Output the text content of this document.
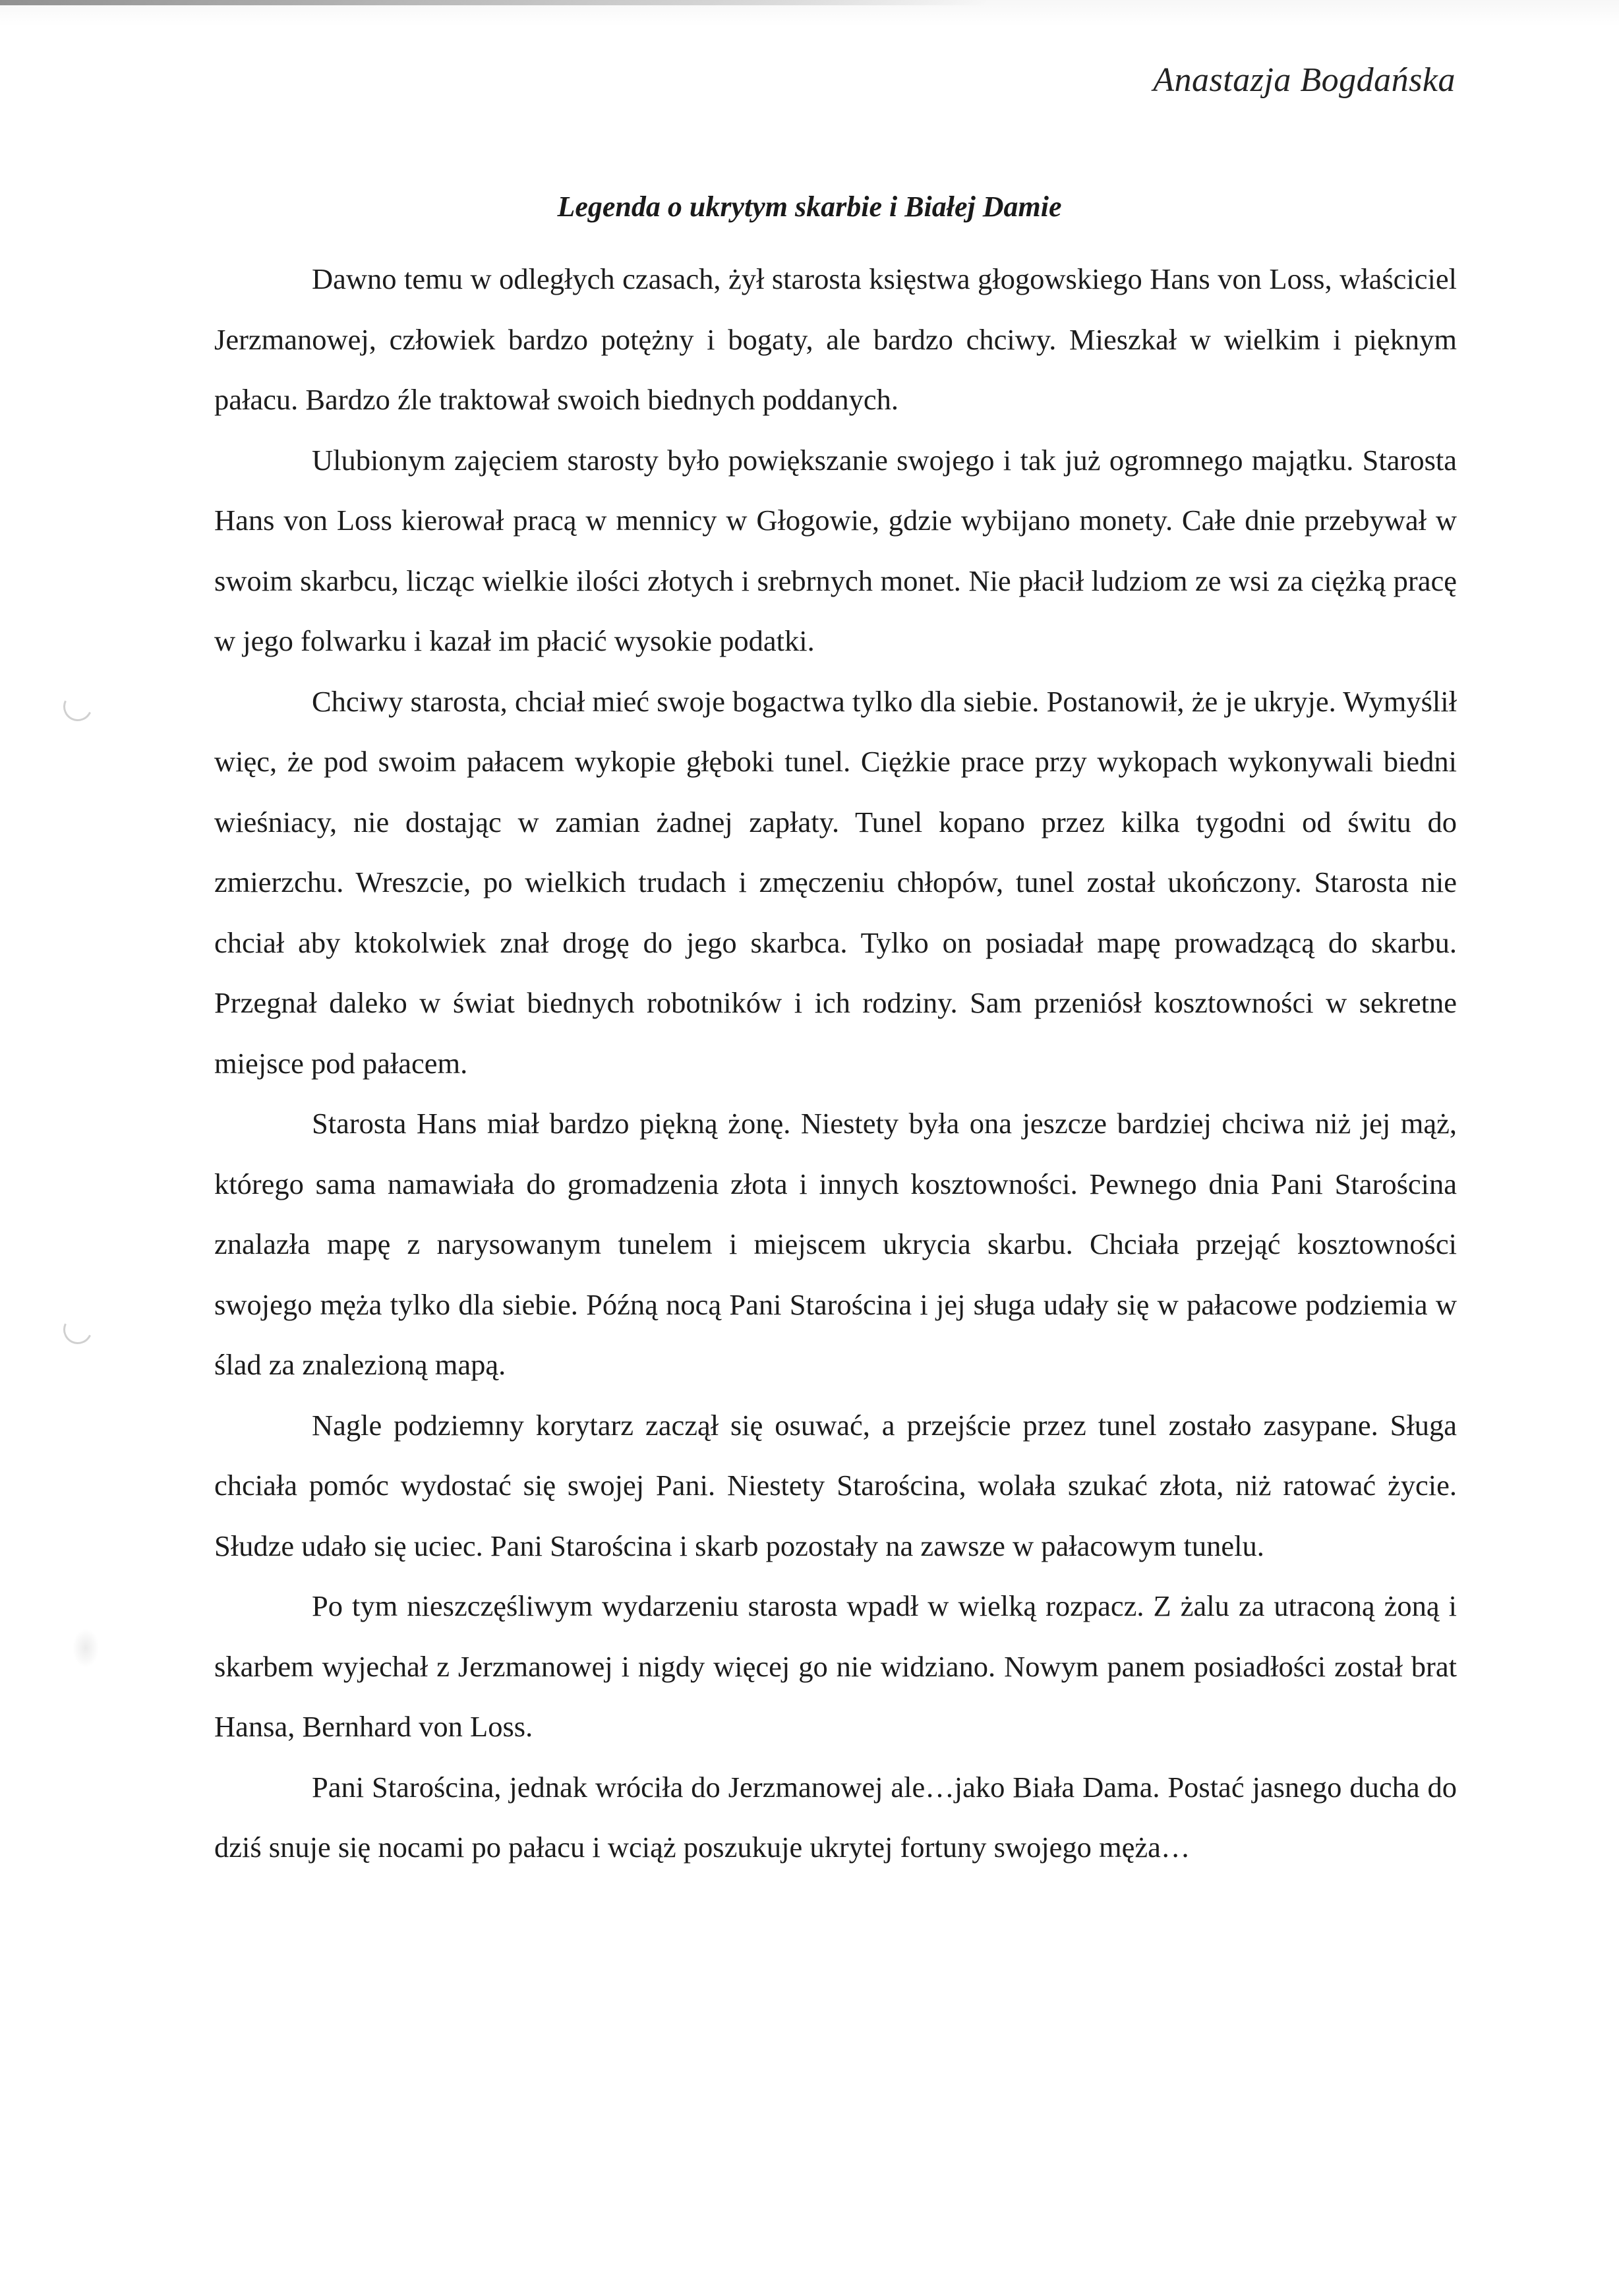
Anastazja Bogdańska
Legenda o ukrytym skarbie i Białej Damie

Dawno temu w odległych czasach, żył starosta księstwa głogowskiego Hans von Loss, właściciel Jerzmanowej, człowiek bardzo potężny i bogaty, ale bardzo chciwy. Mieszkał w wielkim i pięknym pałacu. Bardzo źle traktował swoich biednych poddanych.

Ulubionym zajęciem starosty było powiększanie swojego i tak już ogromnego majątku. Starosta Hans von Loss kierował pracą w mennicy w Głogowie, gdzie wybijano monety. Całe dnie przebywał w swoim skarbcu, licząc wielkie ilości złotych i srebrnych monet. Nie płacił ludziom ze wsi za ciężką pracę w jego folwarku i kazał im płacić wysokie podatki.

Chciwy starosta, chciał mieć swoje bogactwa tylko dla siebie. Postanowił, że je ukryje. Wymyślił więc, że pod swoim pałacem wykopie głęboki tunel. Ciężkie prace przy wykopach wykonywali biedni wieśniacy, nie dostając w zamian żadnej zapłaty. Tunel kopano przez kilka tygodni od świtu do zmierzchu. Wreszcie, po wielkich trudach i zmęczeniu chłopów, tunel został ukończony. Starosta nie chciał aby ktokolwiek znał drogę do jego skarbca. Tylko on posiadał mapę prowadzącą do skarbu. Przegnał daleko w świat biednych robotników i ich rodziny. Sam przeniósł kosztowności w sekretne miejsce pod pałacem.

Starosta Hans miał bardzo piękną żonę. Niestety była ona jeszcze bardziej chciwa niż jej mąż, którego sama namawiała do gromadzenia złota i innych kosztowności. Pewnego dnia Pani Starościna znalazła mapę z narysowanym tunelem i miejscem ukrycia skarbu. Chciała przejąć kosztowności swojego męża tylko dla siebie. Późną nocą Pani Starościna i jej sługa udały się w pałacowe podziemia w ślad za znalezioną mapą.

Nagle podziemny korytarz zaczął się osuwać, a przejście przez tunel zostało zasypane. Sługa chciała pomóc wydostać się swojej Pani. Niestety Starościna, wolała szukać złota, niż ratować życie. Słudze udało się uciec. Pani Starościna i skarb pozostały na zawsze w pałacowym tunelu.

Po tym nieszczęśliwym wydarzeniu starosta wpadł w wielką rozpacz. Z żalu za utraconą żoną i skarbem wyjechał z Jerzmanowej i nigdy więcej go nie widziano. Nowym panem posiadłości został brat Hansa, Bernhard von Loss.

Pani Starościna, jednak wróciła do Jerzmanowej ale…jako Biała Dama. Postać jasnego ducha do dziś snuje się nocami po pałacu i wciąż poszukuje ukrytej fortuny swojego męża…
